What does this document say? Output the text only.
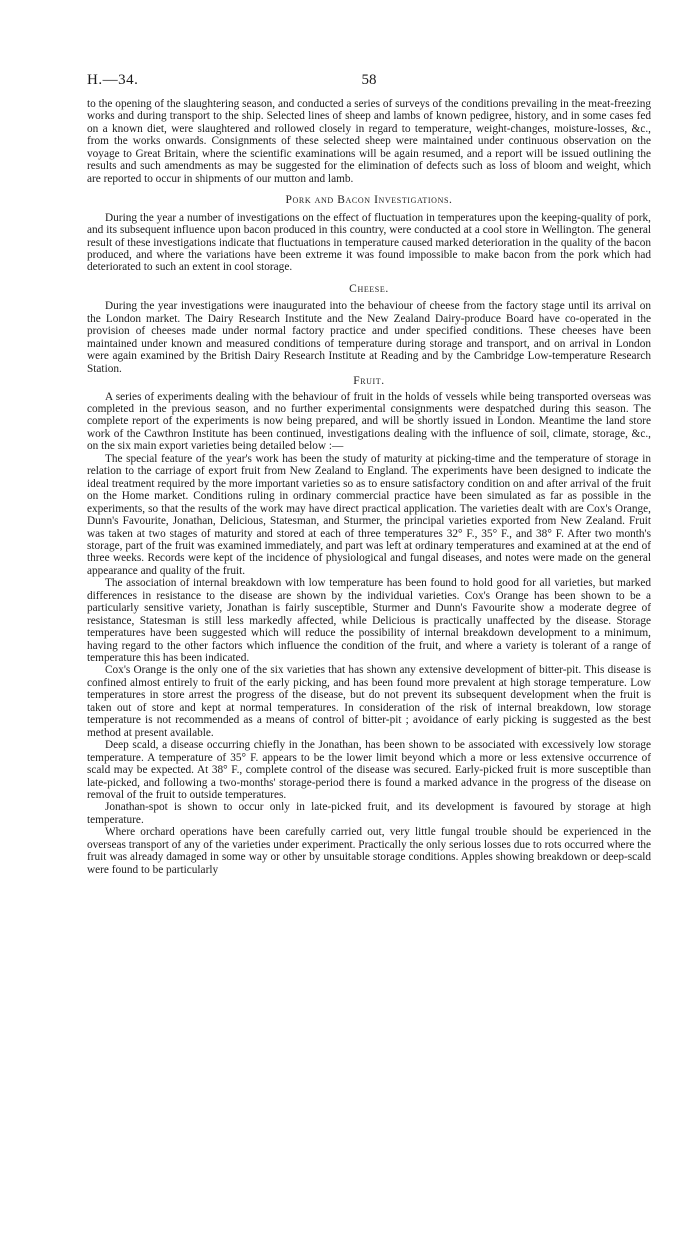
H.—34.	58

to the opening of the slaughtering season, and conducted a series of surveys of the conditions prevailing in the meat-freezing works and during transport to the ship. Selected lines of sheep and lambs of known pedigree, history, and in some cases fed on a known diet, were slaughtered and rollowed closely in regard to temperature, weight-changes, moisture-losses, &c., from the works onwards. Consignments of these selected sheep were maintained under continuous observation on the voyage to Great Britain, where the scientific examinations will be again resumed, and a report will be issued outlining the results and such amendments as may be suggested for the elimination of defects such as loss of bloom and weight, which are reported to occur in shipments of our mutton and lamb.

Pork and Bacon Investigations.

During the year a number of investigations on the effect of fluctuation in temperatures upon the keeping-quality of pork, and its subsequent influence upon bacon produced in this country, were conducted at a cool store in Wellington. The general result of these investigations indicate that fluctuations in temperature caused marked deterioration in the quality of the bacon produced, and where the variations have been extreme it was found impossible to make bacon from the pork which had deteriorated to such an extent in cool storage.

Cheese.

During the year investigations were inaugurated into the behaviour of cheese from the factory stage until its arrival on the London market. The Dairy Research Institute and the New Zealand Dairy-produce Board have co-operated in the provision of cheeses made under normal factory practice and under specified conditions. These cheeses have been maintained under known and measured conditions of temperature during storage and transport, and on arrival in London were again examined by the British Dairy Research Institute at Reading and by the Cambridge Low-temperature Research Station.

Fruit.

A series of experiments dealing with the behaviour of fruit in the holds of vessels while being transported overseas was completed in the previous season, and no further experimental consignments were despatched during this season. The complete report of the experiments is now being prepared, and will be shortly issued in London. Meantime the land store work of the Cawthron Institute has been continued, investigations dealing with the influence of soil, climate, storage, &c., on the six main export varieties being detailed below :—

The special feature of the year's work has been the study of maturity at picking-time and the temperature of storage in relation to the carriage of export fruit from New Zealand to England. The experiments have been designed to indicate the ideal treatment required by the more important varieties so as to ensure satisfactory condition on and after arrival of the fruit on the Home market. Conditions ruling in ordinary commercial practice have been simulated as far as possible in the experiments, so that the results of the work may have direct practical application. The varieties dealt with are Cox's Orange, Dunn's Favourite, Jonathan, Delicious, Statesman, and Sturmer, the principal varieties exported from New Zealand. Fruit was taken at two stages of maturity and stored at each of three temperatures 32° F., 35° F., and 38° F. After two month's storage, part of the fruit was examined immediately, and part was left at ordinary temperatures and examined at at the end of three weeks. Records were kept of the incidence of physiological and fungal diseases, and notes were made on the general appearance and quality of the fruit.

The association of internal breakdown with low temperature has been found to hold good for all varieties, but marked differences in resistance to the disease are shown by the individual varieties. Cox's Orange has been shown to be a particularly sensitive variety, Jonathan is fairly susceptible, Sturmer and Dunn's Favourite show a moderate degree of resistance, Statesman is still less markedly affected, while Delicious is practically unaffected by the disease. Storage temperatures have been suggested which will reduce the possibility of internal breakdown development to a minimum, having regard to the other factors which influence the condition of the fruit, and where a variety is tolerant of a range of temperature this has been indicated.

Cox's Orange is the only one of the six varieties that has shown any extensive development of bitter-pit. This disease is confined almost entirely to fruit of the early picking, and has been found more prevalent at high storage temperature. Low temperatures in store arrest the progress of the disease, but do not prevent its subsequent development when the fruit is taken out of store and kept at normal temperatures. In consideration of the risk of internal breakdown, low storage temperature is not recommended as a means of control of bitter-pit ; avoidance of early picking is suggested as the best method at present available.

Deep scald, a disease occurring chiefly in the Jonathan, has been shown to be associated with excessively low storage temperature. A temperature of 35° F. appears to be the lower limit beyond which a more or less extensive occurrence of scald may be expected. At 38° F., complete control of the disease was secured. Early-picked fruit is more susceptible than late-picked, and following a two-months' storage-period there is found a marked advance in the progress of the disease on removal of the fruit to outside temperatures.

Jonathan-spot is shown to occur only in late-picked fruit, and its development is favoured by storage at high temperature.

Where orchard operations have been carefully carried out, very little fungal trouble should be experienced in the overseas transport of any of the varieties under experiment. Practically the only serious losses due to rots occurred where the fruit was already damaged in some way or other by unsuitable storage conditions. Apples showing breakdown or deep-scald were found to be particularly
